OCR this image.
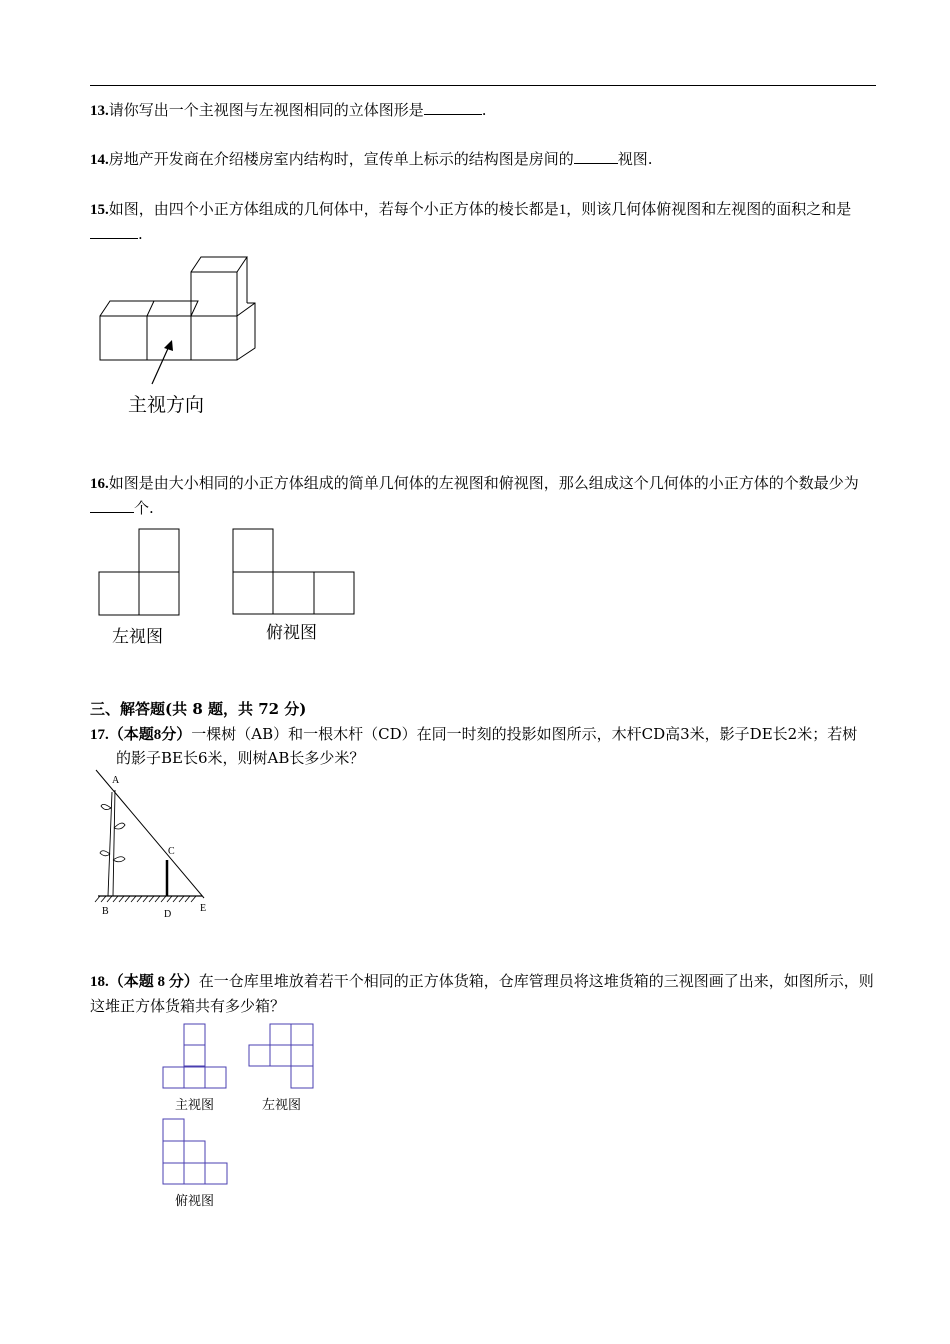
13.请你写出一个主视图与左视图相同的立体图形是	.
14.房地产开发商在介绍楼房室内结构时，宣传单上标示的结构图是房间的	视图.
15.如图，由四个小正方体组成的几何体中，若每个小正方体的棱长都是1，则该几何体俯视图和左视图的面积之和是.
主视方向
16.如图是由大小相同的小正方体组成的简单几何体的左视图和俯视图，那么组成这个几何体的小正方体的个数最少为个.
左视图	俯视图
三、解答题(共 8 题，共 72 分)
17.（本题8分）一棵树（AB）和一根木杆（CD）在同一时刻的投影如图所示，木杆CD高3米，影子DE长2米；若树
的影子BE长6米，则树AB长多少米？
A
B
C
D
E
18.（本题 8 分）在一仓库里堆放着若干个相同的正方体货箱，仓库管理员将这堆货箱的三视图画了出来，如图所示，则这堆正方体货箱共有多少箱？
主视图	左视图
俯视图
